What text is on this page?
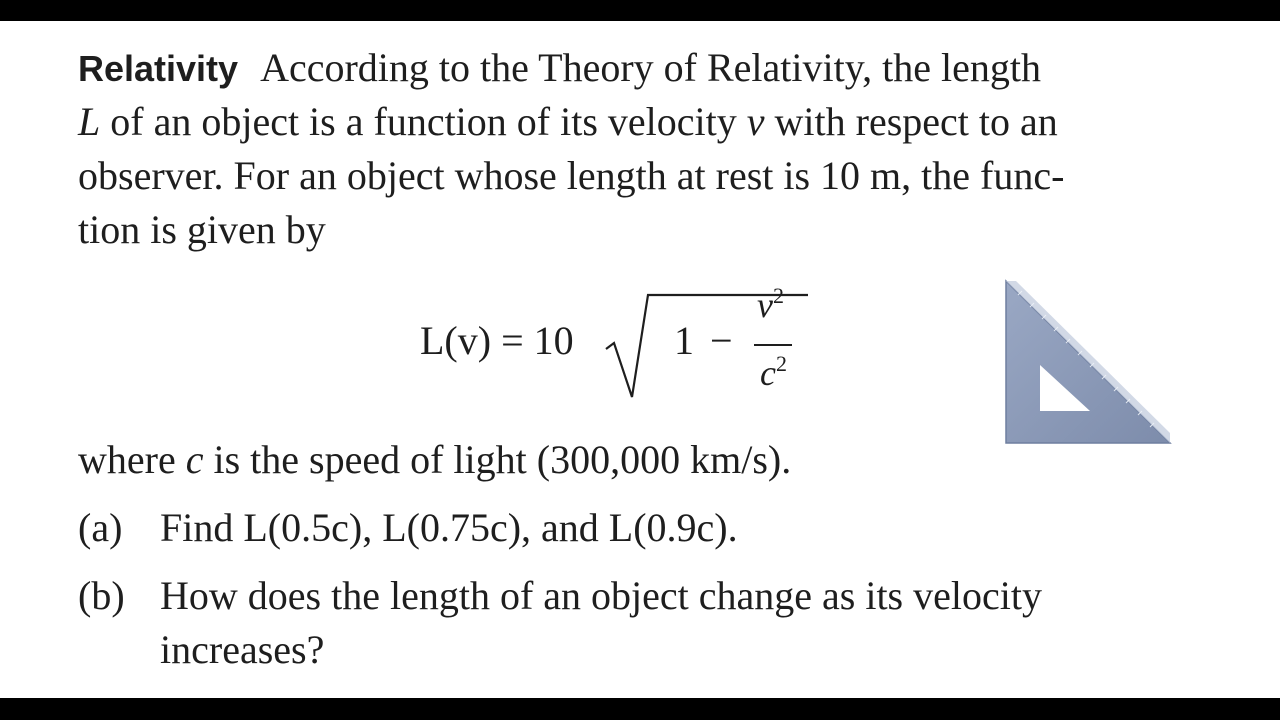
Relativity According to the Theory of Relativity, the length
L of an object is a function of its velocity v with respect to an
observer. For an object whose length at rest is 10 m, the func-
tion is given by
L(v) = 10	1 −
$v^2$
$c^2$
where c is the speed of light (300,000 km/s).
(a) Find L(0.5c), L(0.75c), and L(0.9c).
(b) How does the length of an object change as its velocity
increases?
